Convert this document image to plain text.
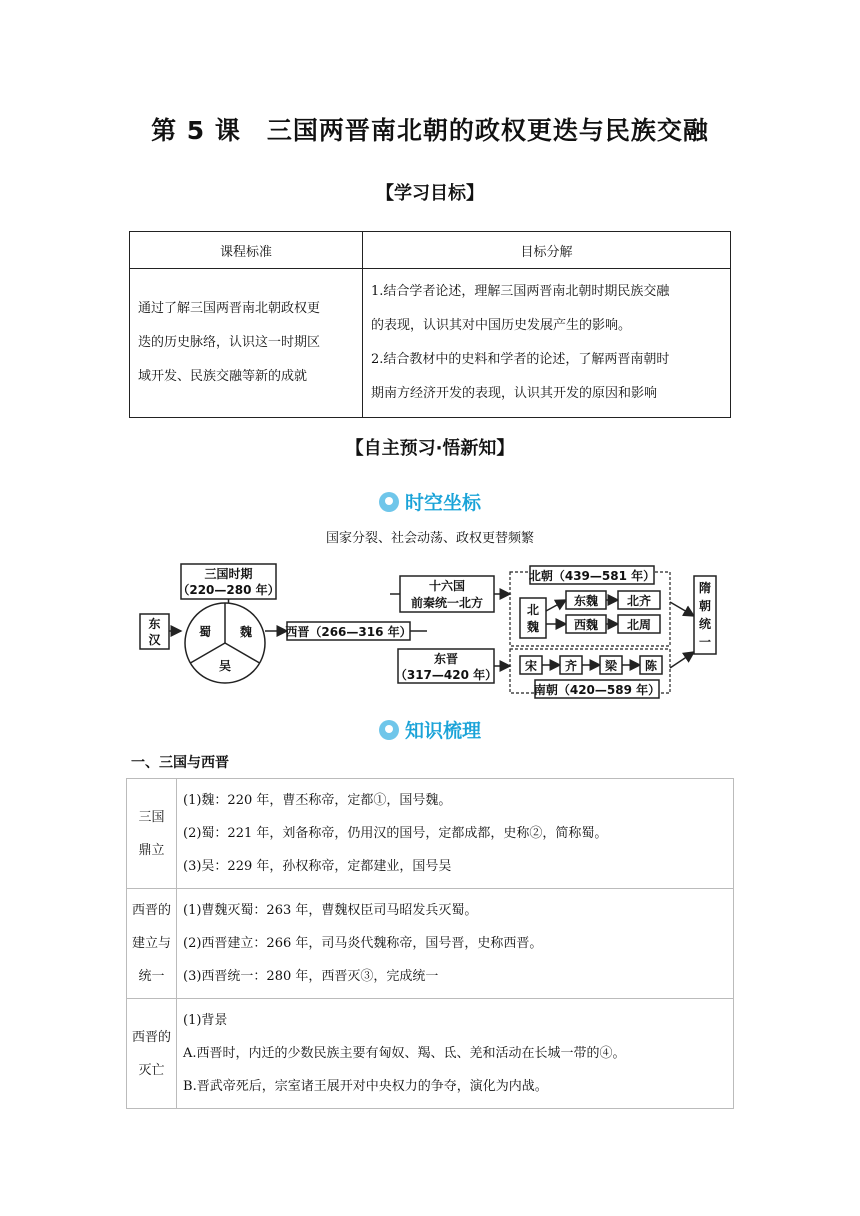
第 5 课　三国两晋南北朝的政权更迭与民族交融
【学习目标】
课程标准	目标分解

通过了解三国两晋南北朝政权更
迭的历史脉络，认识这一时期区
域开发、民族交融等新的成就	1.结合学者论述，理解三国两晋南北朝时期民族交融
的表现，认识其对中国历史发展产生的影响。
2.结合教材中的史料和学者的论述，了解两晋南朝时
期南方经济开发的表现，认识其开发的原因和影响
【自主预习·悟新知】
时空坐标
国家分裂、社会动荡、政权更替频繁
东
汉
三国时期
（220—280 年）
蜀 魏
吴
西晋（266—316 年）
十六国
前秦统一北方
东晋
（317—420 年）
北朝（439—581 年）
北
魏
东魏
西魏
北齐
北周
宋 齐 梁 陈
南朝（420—589 年）
隋
朝
统
一
知识梳理
一、三国与西晋
三国
鼎立	(1)魏：220 年，曹丕称帝，定都①，国号魏。
(2)蜀：221 年，刘备称帝，仍用汉的国号，定都成都，史称②，简称蜀。
(3)吴：229 年，孙权称帝，定都建业，国号吴

西晋的
建立与
统一	(1)曹魏灭蜀：263 年，曹魏权臣司马昭发兵灭蜀。
(2)西晋建立：266 年，司马炎代魏称帝，国号晋，史称西晋。
(3)西晋统一：280 年，西晋灭③，完成统一

西晋的
灭亡	(1)背景
A.西晋时，内迁的少数民族主要有匈奴、羯、氐、羌和活动在长城一带的④。
B.晋武帝死后，宗室诸王展开对中央权力的争夺，演化为内战。
